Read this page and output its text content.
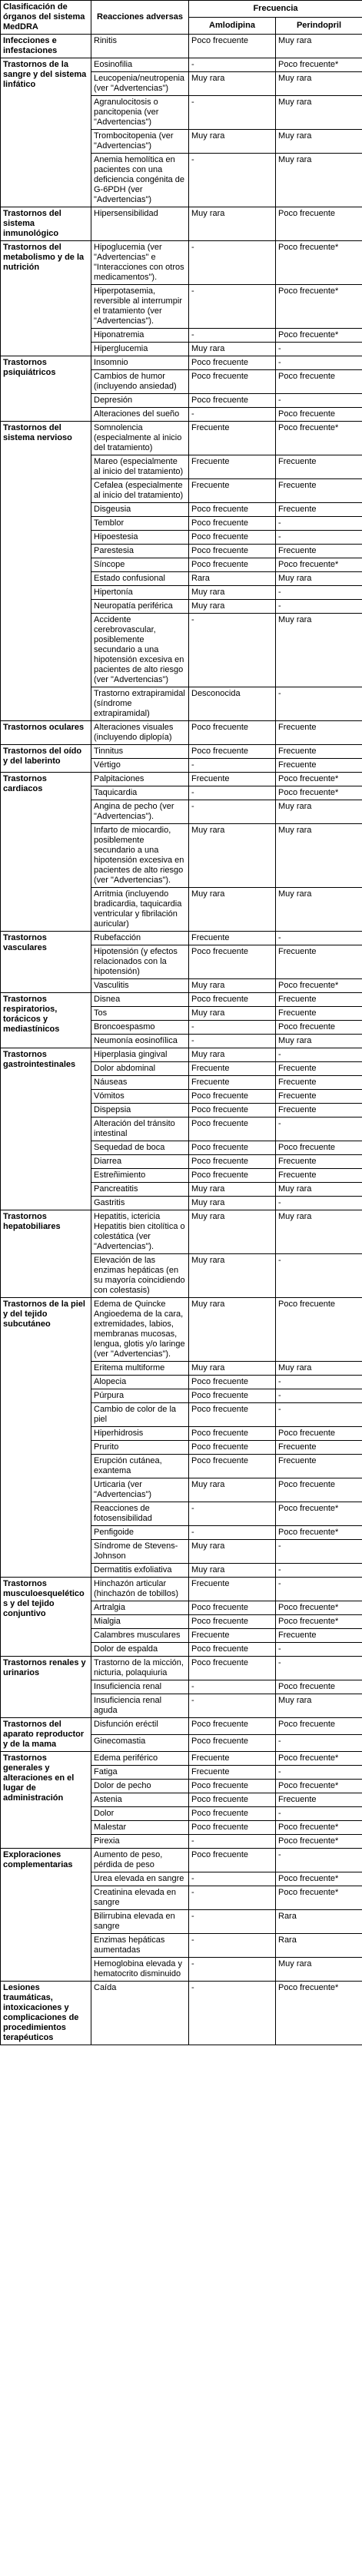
Clasificación de órganos del sistema MedDRA	Reacciones adversas	Frecuencia	
		Amlodipina	Perindopril
Infecciones e infestaciones	Rinitis	Poco frecuente	Muy rara
Trastornos de la sangre y del sistema linfático	Eosinofilia	-	Poco frecuente*
	Leucopenia/neutropenia (ver "Advertencias")	Muy rara	Muy rara
	Agranulocitosis o pancitopenia (ver "Advertencias")	-	Muy rara
	Trombocitopenia (ver "Advertencias")	Muy rara	Muy rara
	Anemia hemolítica en pacientes con una deficiencia congénita de G-6PDH (ver "Advertencias")	-	Muy rara
Trastornos del sistema inmunológico	Hipersensibilidad	Muy rara	Poco frecuente
Trastornos del metabolismo y de la nutrición	Hipoglucemia (ver "Advertencias" e "Interacciones con otros medicamentos").	-	Poco frecuente*
	Hiperpotasemia, reversible al interrumpir el tratamiento (ver "Advertencias").	-	Poco frecuente*
	Hiponatremia	-	Poco frecuente*
	Hiperglucemia	Muy rara	-
Trastornos psiquiátricos	Insomnio	Poco frecuente	-
	Cambios de humor (incluyendo ansiedad)	Poco frecuente	Poco frecuente
	Depresión	Poco frecuente	-
	Alteraciones del sueño	-	Poco frecuente
Trastornos del sistema nervioso	Somnolencia (especialmente al inicio del tratamiento)	Frecuente	Poco frecuente*
	Mareo (especialmente al inicio del tratamiento)	Frecuente	Frecuente
	Cefalea (especialmente al inicio del tratamiento)	Frecuente	Frecuente
	Disgeusia	Poco frecuente	Frecuente
	Temblor	Poco frecuente	-
	Hipoestesia	Poco frecuente	-
	Parestesia	Poco frecuente	Frecuente
	Síncope	Poco frecuente	Poco frecuente*
	Estado confusional	Rara	Muy rara
	Hipertonía	Muy rara	-
	Neuropatía periférica	Muy rara	-
	Accidente cerebrovascular, posiblemente secundario a una hipotensión excesiva en pacientes de alto riesgo (ver "Advertencias")	-	Muy rara
	Trastorno extrapiramidal (síndrome extrapiramidal)	Desconocida	-
Trastornos oculares	Alteraciones visuales (incluyendo diplopía)	Poco frecuente	Frecuente
Trastornos del oído y del laberinto	Tinnitus	Poco frecuente	Frecuente
	Vértigo	-	Frecuente
Trastornos cardiacos	Palpitaciones	Frecuente	Poco frecuente*
	Taquicardia	-	Poco frecuente*
	Angina de pecho (ver "Advertencias").	-	Muy rara
	Infarto de miocardio, posiblemente secundario a una hipotensión excesiva en pacientes de alto riesgo (ver "Advertencias").	Muy rara	Muy rara
	Arritmia (incluyendo bradicardia, taquicardia ventricular y fibrilación auricular)	Muy rara	Muy rara
Trastornos vasculares	Rubefacción	Frecuente	-
	Hipotensión (y efectos relacionados con la hipotensión)	Poco frecuente	Frecuente
	Vasculitis	Muy rara	Poco frecuente*
Trastornos respiratorios, torácicos y mediastínicos	Disnea	Poco frecuente	Frecuente
	Tos	Muy rara	Frecuente
	Broncoespasmo	-	Poco frecuente
	Neumonía eosinofílica	-	Muy rara
Trastornos gastrointestinales	Hiperplasia gingival	Muy rara	-
	Dolor abdominal	Frecuente	Frecuente
	Náuseas	Frecuente	Frecuente
	Vómitos	Poco frecuente	Frecuente
	Dispepsia	Poco frecuente	Frecuente
	Alteración del tránsito intestinal	Poco frecuente	-
	Sequedad de boca	Poco frecuente	Poco frecuente
	Diarrea	Poco frecuente	Frecuente
	Estreñimiento	Poco frecuente	Frecuente
	Pancreatitis	Muy rara	Muy rara
	Gastritis	Muy rara	-
Trastornos hepatobiliares	Hepatitis, ictericia Hepatitis bien citolítica o colestática (ver "Advertencias").	Muy rara	Muy rara
	Elevación de las enzimas hepáticas (en su mayoría coincidiendo con colestasis)	Muy rara	-
Trastornos de la piel y del tejido subcutáneo	Edema de Quincke Angioedema de la cara, extremidades, labios, membranas mucosas, lengua, glotis y/o laringe (ver "Advertencias").	Muy rara	Poco frecuente
	Eritema multiforme	Muy rara	Muy rara
	Alopecia	Poco frecuente	-
	Púrpura	Poco frecuente	-
	Cambio de color de la piel	Poco frecuente	-
	Hiperhidrosis	Poco frecuente	Poco frecuente
	Prurito	Poco frecuente	Frecuente
	Erupción cutánea, exantema	Poco frecuente	Frecuente
	Urticaria (ver "Advertencias")	Muy rara	Poco frecuente
	Reacciones de fotosensibilidad	-	Poco frecuente*
	Penfigoide	-	Poco frecuente*
	Síndrome de Stevens-Johnson	Muy rara	-
	Dermatitis exfoliativa	Muy rara	-
Trastornos musculoesqueléticos y del tejido conjuntivo	Hinchazón articular (hinchazón de tobillos)	Frecuente	-
	Artralgia	Poco frecuente	Poco frecuente*
	Mialgia	Poco frecuente	Poco frecuente*
	Calambres musculares	Frecuente	Frecuente
	Dolor de espalda	Poco frecuente	-
Trastornos renales y urinarios	Trastorno de la micción, nicturia, polaquiuria	Poco frecuente	-
	Insuficiencia renal	-	Poco frecuente
	Insuficiencia renal aguda	-	Muy rara
Trastornos del aparato reproductor y de la mama	Disfunción eréctil	Poco frecuente	Poco frecuente
	Ginecomastia	Poco frecuente	-
Trastornos generales y alteraciones en el lugar de administración	Edema periférico	Frecuente	Poco frecuente*
	Fatiga	Frecuente	-
	Dolor de pecho	Poco frecuente	Poco frecuente*
	Astenia	Poco frecuente	Frecuente
	Dolor	Poco frecuente	-
	Malestar	Poco frecuente	Poco frecuente*
	Pirexia	-	Poco frecuente*
Exploraciones complementarias	Aumento de peso, pérdida de peso	Poco frecuente	-
	Urea elevada en sangre	-	Poco frecuente*
	Creatinina elevada en sangre	-	Poco frecuente*
	Bilirrubina elevada en sangre	-	Rara
	Enzimas hepáticas aumentadas	-	Rara
	Hemoglobina elevada y hematocrito disminuido	-	Muy rara
Lesiones traumáticas, intoxicaciones y complicaciones de procedimientos terapéuticos	Caída	-	Poco frecuente*
